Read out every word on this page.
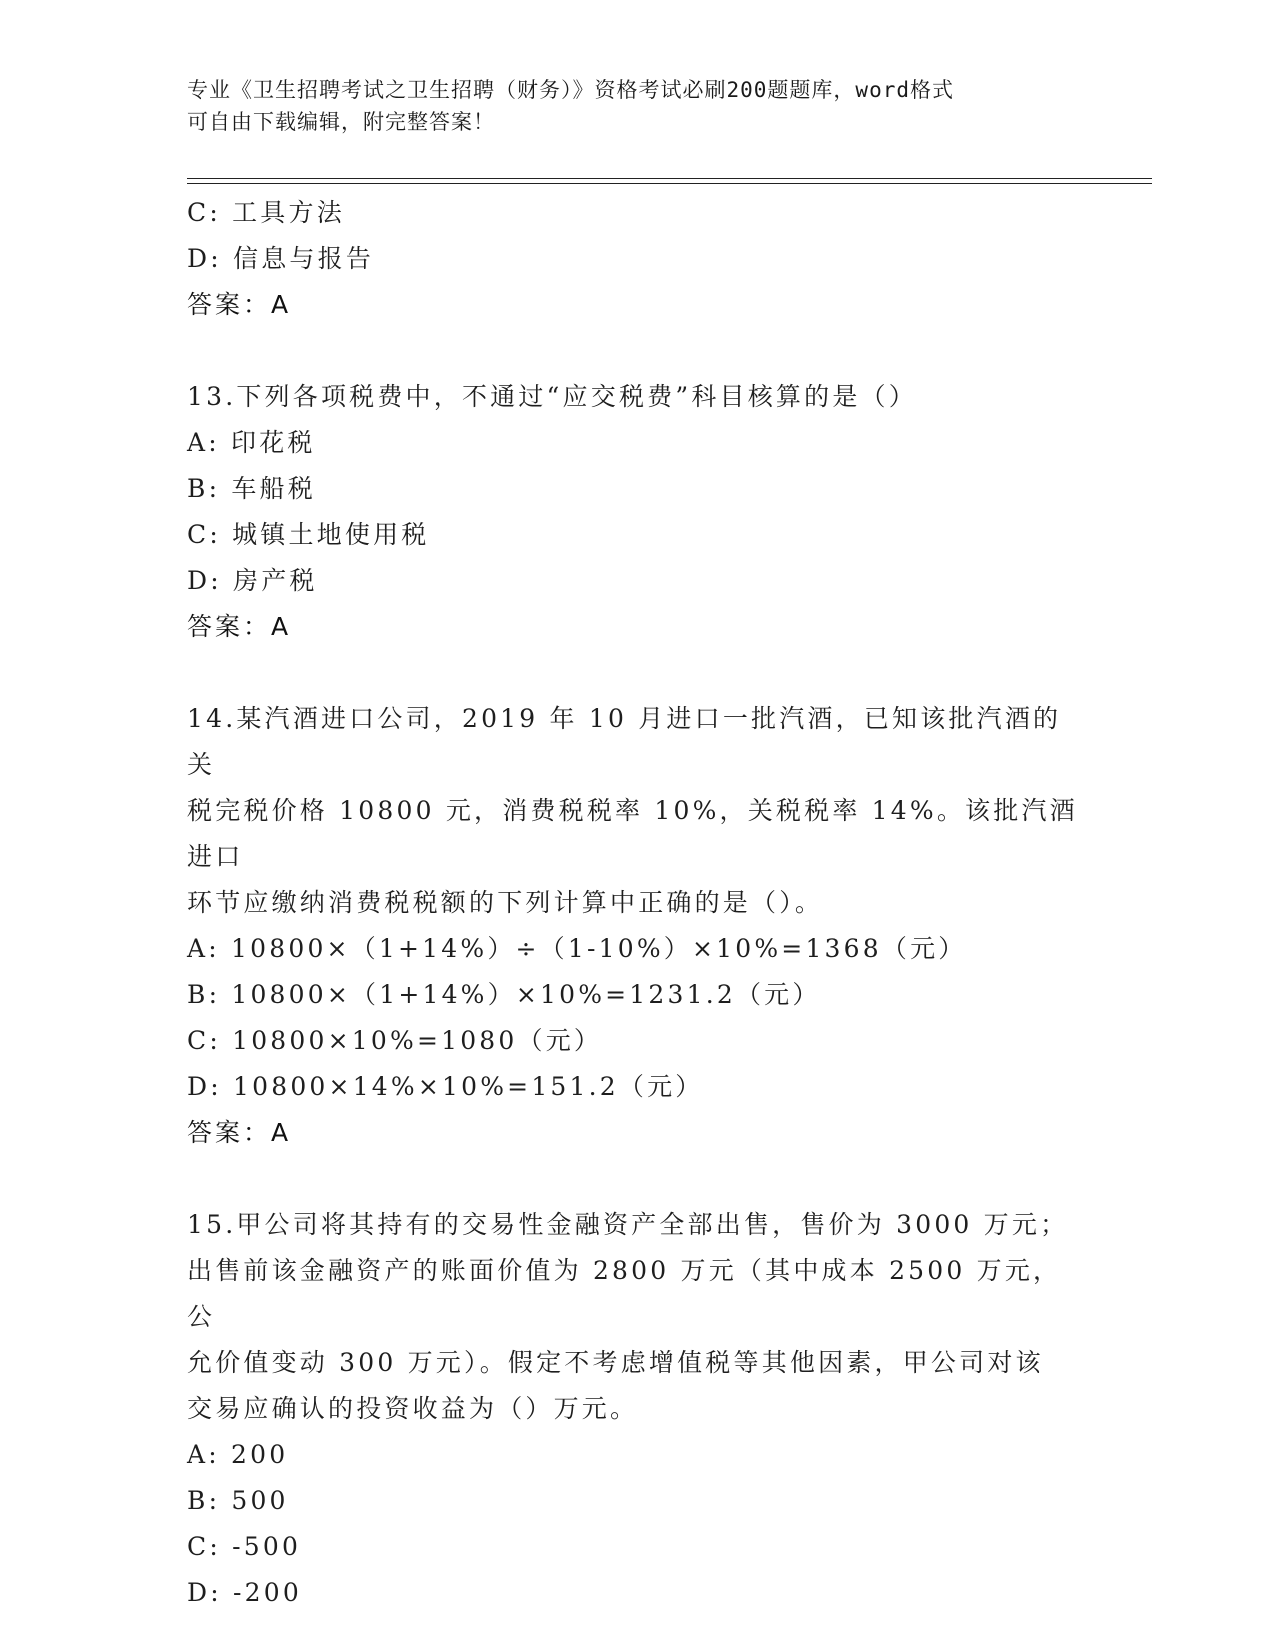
专业《卫生招聘考试之卫生招聘（财务）》资格考试必刷200题题库，word格式
可自由下载编辑，附完整答案！
C: 工具方法
D: 信息与报告
答案：A
13.下列各项税费中，不通过“应交税费”科目核算的是（）
A: 印花税
B: 车船税
C: 城镇土地使用税
D: 房产税
答案：A
14.某汽酒进口公司，2019 年 10 月进口一批汽酒，已知该批汽酒的关
税完税价格 10800 元，消费税税率 10%，关税税率 14%。该批汽酒进口
环节应缴纳消费税税额的下列计算中正确的是（）。
A: 10800×（1+14%）÷（1-10%）×10%=1368（元）
B: 10800×（1+14%）×10%=1231.2（元）
C: 10800×10%=1080（元）
D: 10800×14%×10%=151.2（元）
答案：A
15.甲公司将其持有的交易性金融资产全部出售，售价为 3000 万元；
出售前该金融资产的账面价值为 2800 万元（其中成本 2500 万元，公
允价值变动 300 万元）。假定不考虑增值税等其他因素，甲公司对该
交易应确认的投资收益为（）万元。
A: 200
B: 500
C: -500
D: -200
